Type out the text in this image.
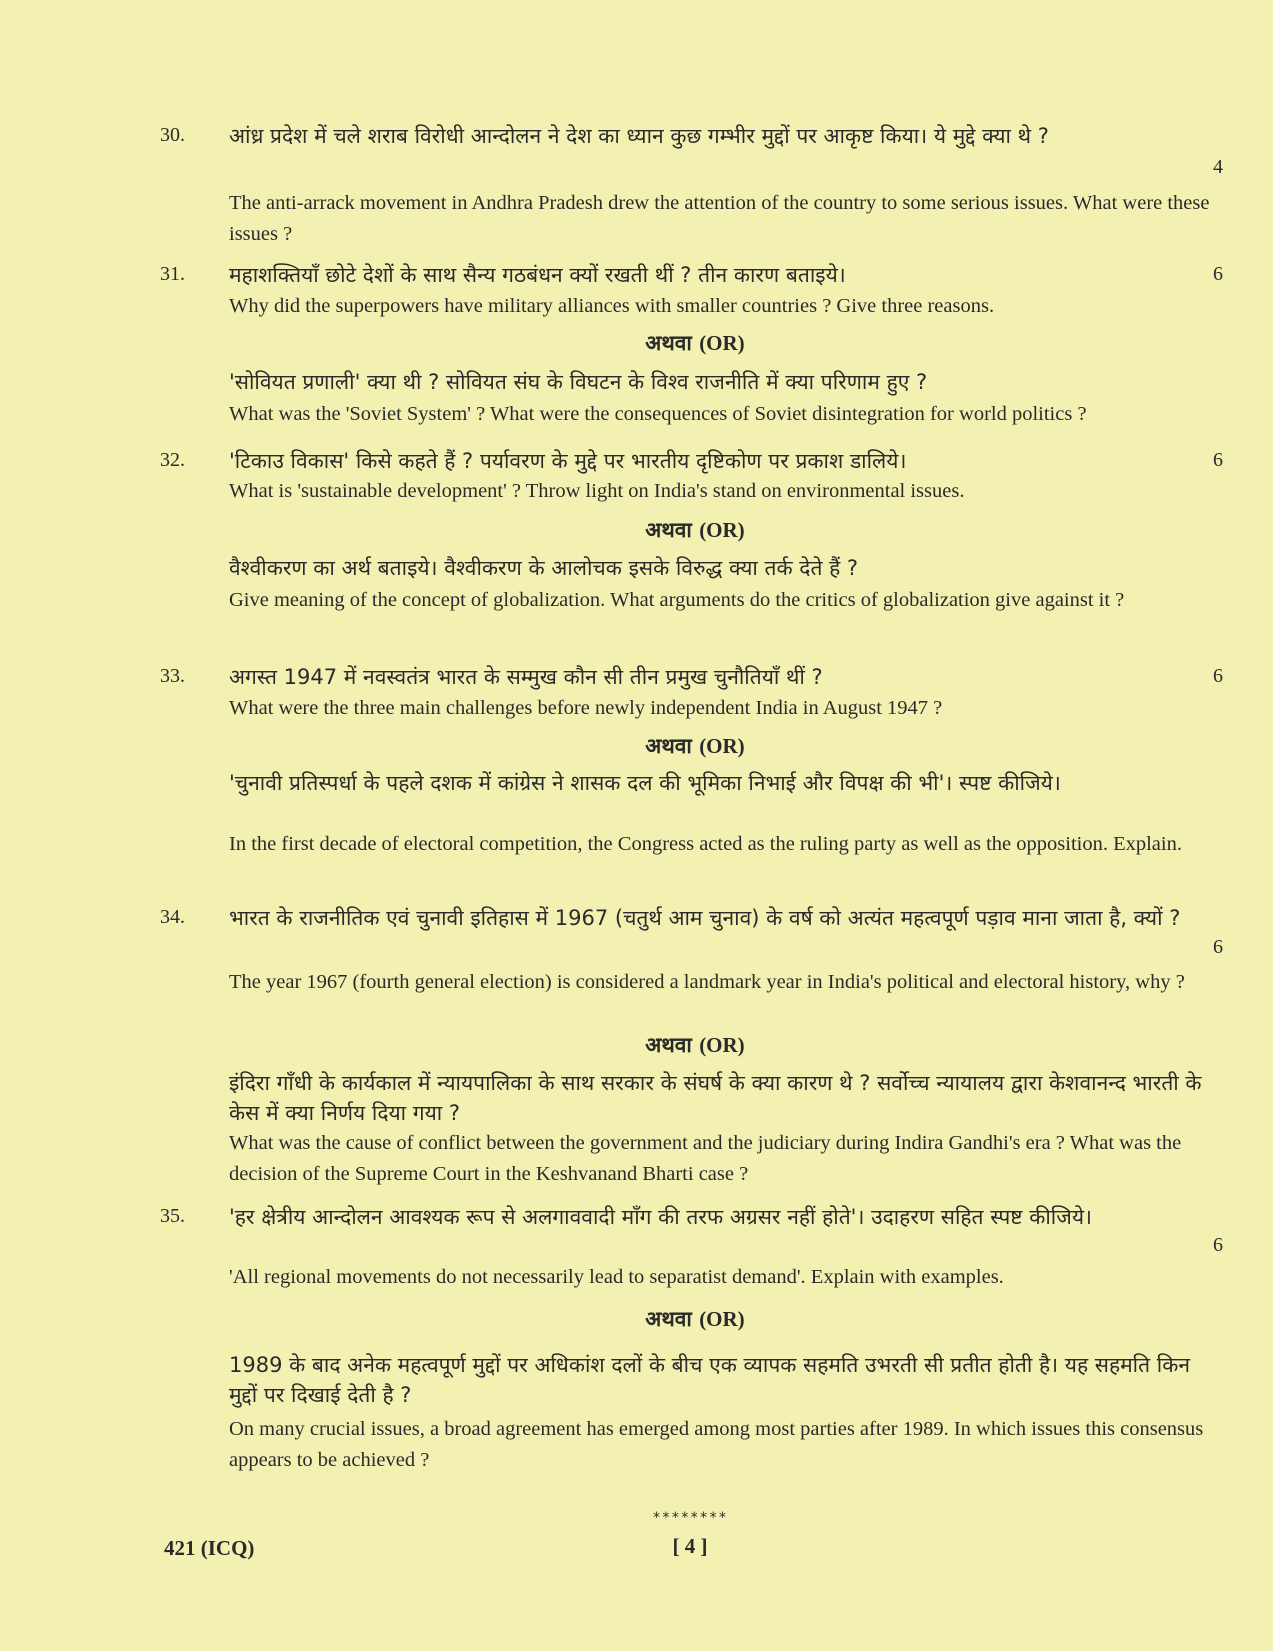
30. आंध्र प्रदेश में चले शराब विरोधी आन्दोलन ने देश का ध्यान कुछ गम्भीर मुद्दों पर आकृष्ट किया। ये मुद्दे क्या थे ?
4
The anti-arrack movement in Andhra Pradesh drew the attention of the country to some serious issues. What were these issues ?
31. महाशक्तियाँ छोटे देशों के साथ सैन्य गठबंधन क्यों रखती थीं ? तीन कारण बताइये।	6
Why did the superpowers have military alliances with smaller countries ? Give three reasons.
अथवा (OR)
'सोवियत प्रणाली' क्या थी ? सोवियत संघ के विघटन के विश्व राजनीति में क्या परिणाम हुए ?
What was the 'Soviet System' ? What were the consequences of Soviet disintegration for world politics ?
32. 'टिकाउ विकास' किसे कहते हैं ? पर्यावरण के मुद्दे पर भारतीय दृष्टिकोण पर प्रकाश डालिये।	6
What is 'sustainable development' ? Throw light on India's stand on environmental issues.
अथवा (OR)
वैश्वीकरण का अर्थ बताइये। वैश्वीकरण के आलोचक इसके विरुद्ध क्या तर्क देते हैं ?
Give meaning of the concept of globalization. What arguments do the critics of globalization give against it ?
33. अगस्त 1947 में नवस्वतंत्र भारत के सम्मुख कौन सी तीन प्रमुख चुनौतियाँ थीं ?	6
What were the three main challenges before newly independent India in August 1947 ?
अथवा (OR)
'चुनावी प्रतिस्पर्धा के पहले दशक में कांग्रेस ने शासक दल की भूमिका निभाई और विपक्ष की भी'। स्पष्ट कीजिये।
In the first decade of electoral competition, the Congress acted as the ruling party as well as the opposition. Explain.
34. भारत के राजनीतिक एवं चुनावी इतिहास में 1967 (चतुर्थ आम चुनाव) के वर्ष को अत्यंत महत्वपूर्ण पड़ाव माना जाता है, क्यों ?
6
The year 1967 (fourth general election) is considered a landmark year in India's political and electoral history, why ?
अथवा (OR)
इंदिरा गाँधी के कार्यकाल में न्यायपालिका के साथ सरकार के संघर्ष के क्या कारण थे ? सर्वोच्च न्यायालय द्वारा केशवानन्द भारती के केस में क्या निर्णय दिया गया ?
What was the cause of conflict between the government and the judiciary during Indira Gandhi's era ? What was the decision of the Supreme Court in the Keshvanand Bharti case ?
35. 'हर क्षेत्रीय आन्दोलन आवश्यक रूप से अलगाववादी माँग की तरफ अग्रसर नहीं होते'। उदाहरण सहित स्पष्ट कीजिये।
6
'All regional movements do not necessarily lead to separatist demand'. Explain with examples.
अथवा (OR)
1989 के बाद अनेक महत्वपूर्ण मुद्दों पर अधिकांश दलों के बीच एक व्यापक सहमति उभरती सी प्रतीत होती है। यह सहमति किन मुद्दों पर दिखाई देती है ?
On many crucial issues, a broad agreement has emerged among most parties after 1989. In which issues this consensus appears to be achieved ?
********
421 (ICQ)	[ 4 ]
